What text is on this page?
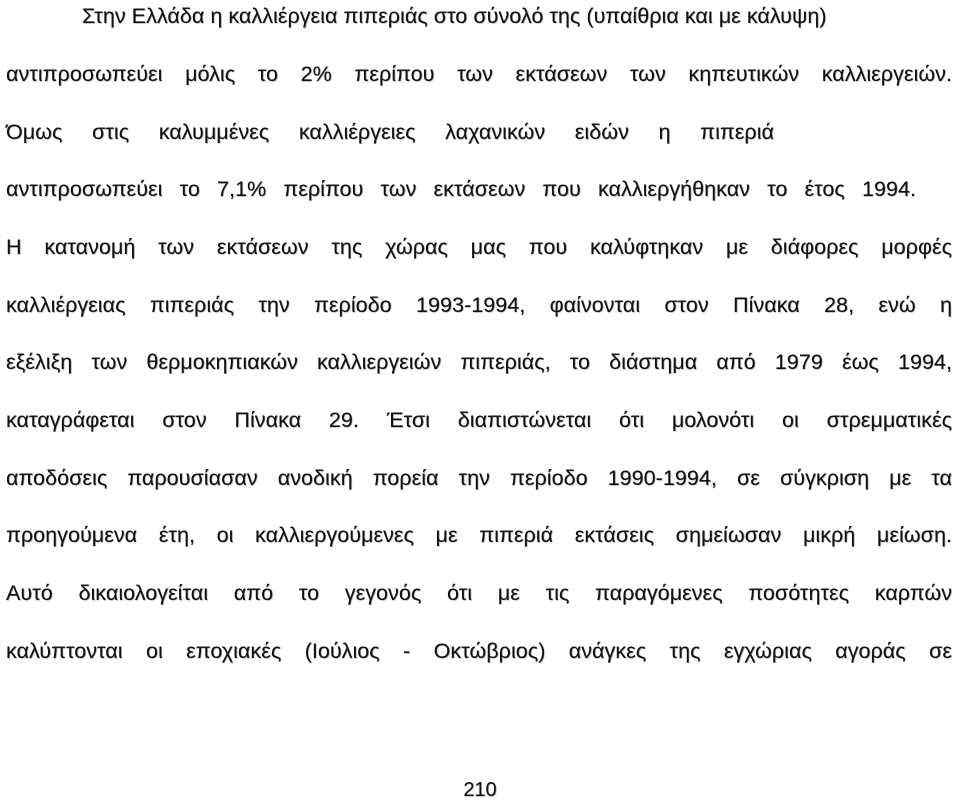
Στην Ελλάδα η καλλιέργεια πιπεριάς στο σύνολό της (υπαίθρια και με κάλυψη)
αντιπροσωπεύει μόλις το 2% περίπου των εκτάσεων των κηπευτικών καλλιεργειών.
Όμως στις καλυμμένες καλλιέργειες λαχανικών ειδών η πιπεριά
αντιπροσωπεύει το 7,1% περίπου των εκτάσεων που καλλιεργήθηκαν το έτος 1994.
Η κατανομή των εκτάσεων της χώρας μας που καλύφτηκαν με διάφορες μορφές
καλλιέργειας πιπεριάς την περίοδο 1993-1994, φαίνονται στον Πίνακα 28, ενώ η
εξέλιξη των θερμοκηπιακών καλλιεργειών πιπεριάς, το διάστημα από 1979 έως 1994,
καταγράφεται στον Πίνακα 29. Έτσι διαπιστώνεται ότι μολονότι οι στρεμματικές
αποδόσεις παρουσίασαν ανοδική πορεία την περίοδο 1990-1994, σε σύγκριση με τα
προηγούμενα έτη, οι καλλιεργούμενες με πιπεριά εκτάσεις σημείωσαν μικρή μείωση.
Αυτό δικαιολογείται από το γεγονός ότι με τις παραγόμενες ποσότητες καρπών
καλύπτονται οι εποχιακές (Ιούλιος - Οκτώβριος) ανάγκες της εγχώριας αγοράς σε
210
